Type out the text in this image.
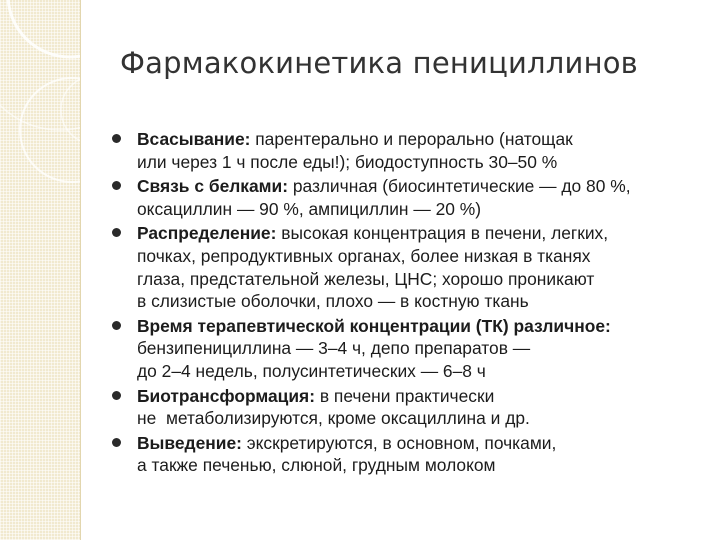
Фармакокинетика пенициллинов
Всасывание: парентерально и перорально (натощак
или через 1 ч после еды!); биодоступность 30–50 %
Связь с белками: различная (биосинтетические — до 80 %,
оксациллин — 90 %, ампициллин — 20 %)
Распределение: высокая концентрация в печени, легких,
почках, репродуктивных органах, более низкая в тканях
глаза, предстательной железы, ЦНС; хорошо проникают
в слизистые оболочки, плохо — в костную ткань
Время терапевтической концентрации (ТК) различное:
бензипенициллина — 3–4 ч, депо препаратов —
до 2–4 недель, полусинтетических — 6–8 ч
Биотрансформация: в печени практически
не  метаболизируются, кроме оксациллина и др.
Выведение: экскретируются, в основном, почками,
а также печенью, слюной, грудным молоком
